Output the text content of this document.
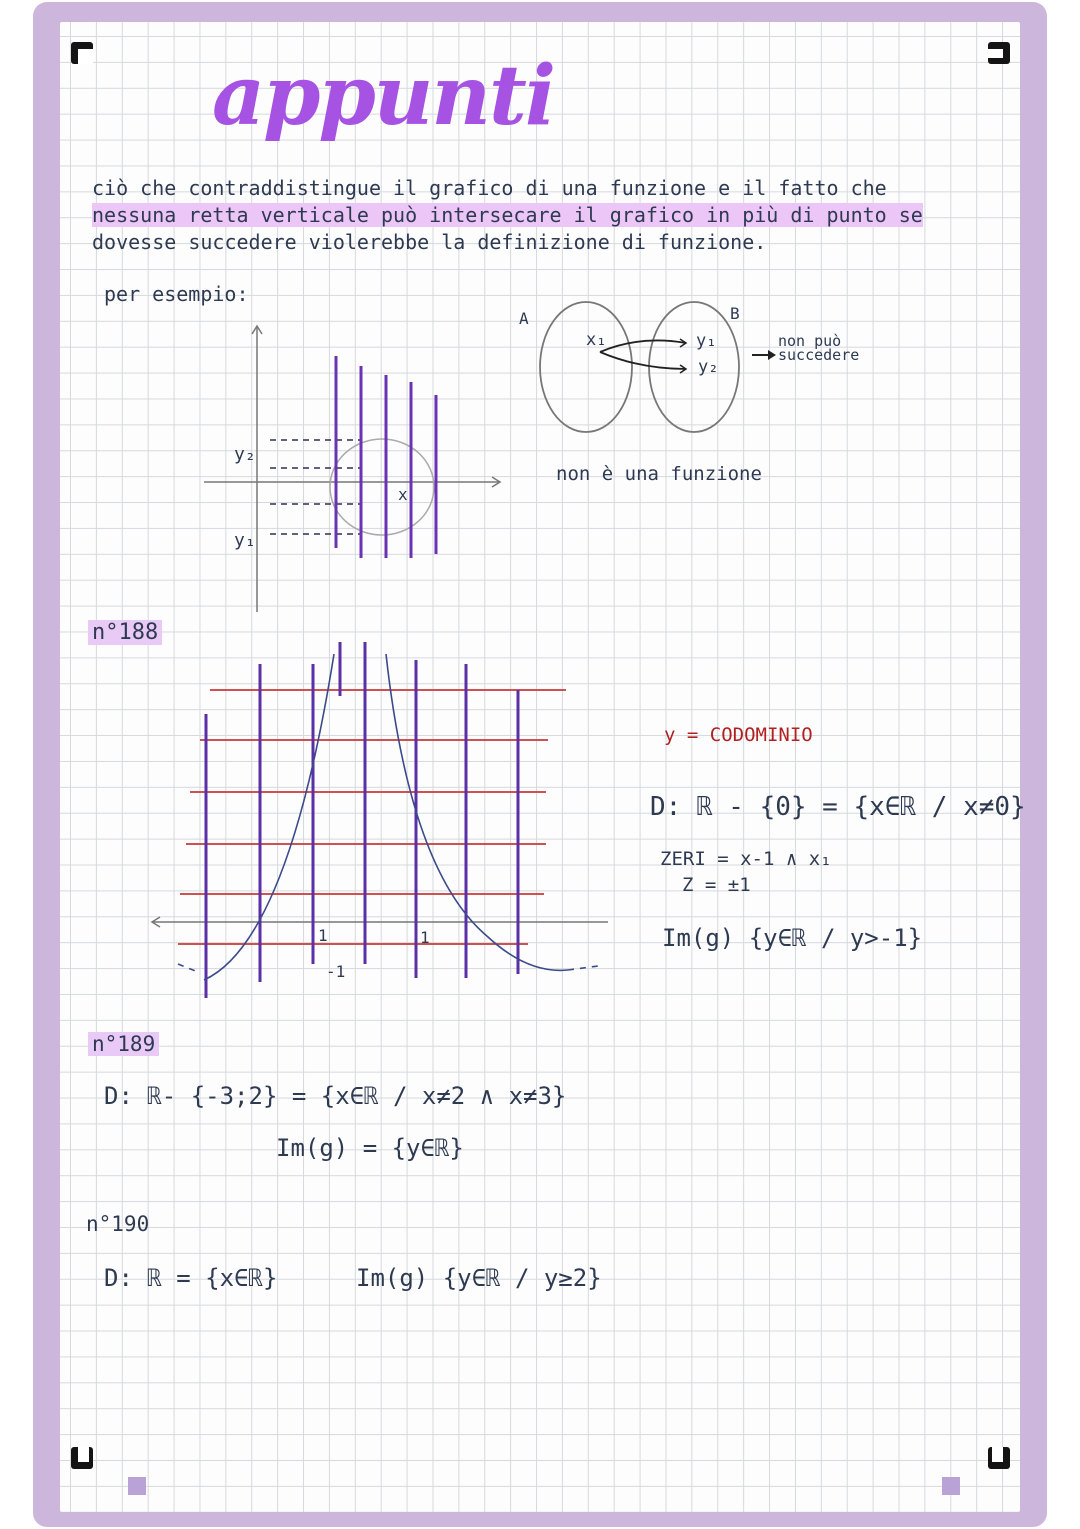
appunti
ciò che contraddistingue il grafico di una funzione e il fatto che
nessuna retta verticale può intersecare il grafico in più di punto se
dovesse succedere violerebbe la definizione di funzione.
per esempio:
y₂
y₁
x
A	B
x₁	y₁
y₂
non può
succedere
non è una funzione
n°188
1
-1
1
y = CODOMINIO
D: ℝ - {0} = {x∈ℝ / x≠0}
ZERI = x-1 ∧ x₁
Z = ±1
Im(g) {y∈ℝ / y>-1}
n°189
D: ℝ- {-3;2} = {x∈ℝ / x≠2 ∧ x≠3}
Im(g) = {y∈ℝ}
n°190
D: ℝ = {x∈ℝ}	Im(g) {y∈ℝ / y≥2}
